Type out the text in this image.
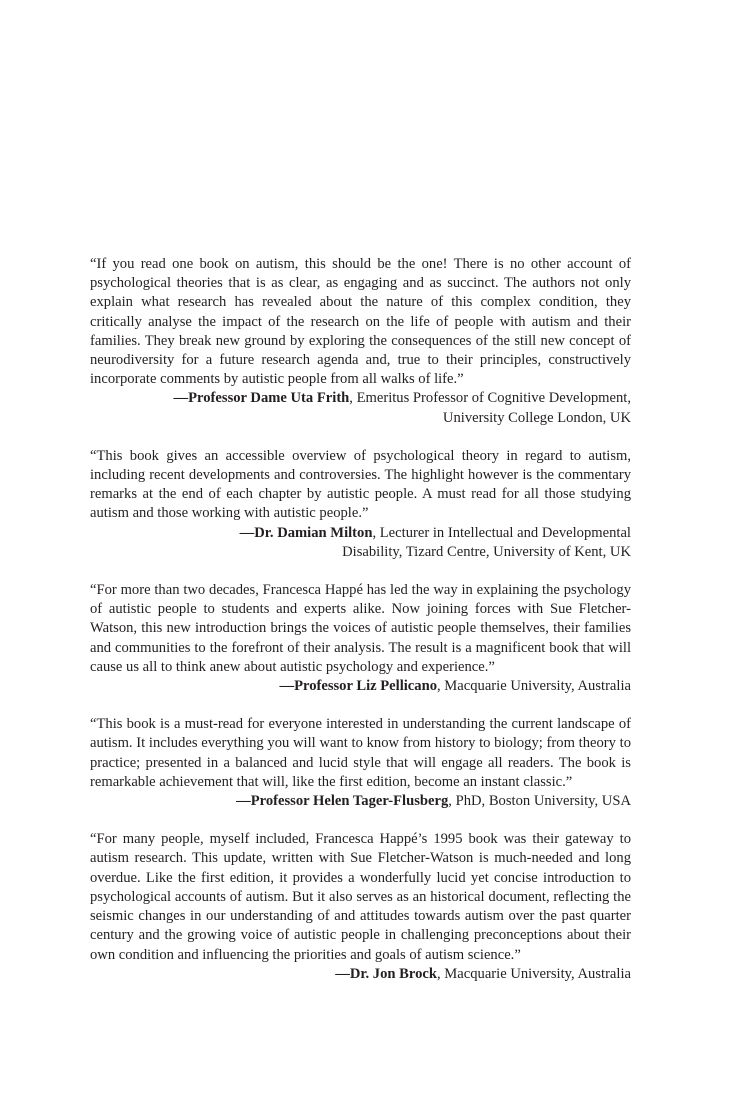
“If you read one book on autism, this should be the one! There is no other account of psychological theories that is as clear, as engaging and as succinct. The authors not only explain what research has revealed about the nature of this complex condition, they critically analyse the impact of the research on the life of people with autism and their families. They break new ground by exploring the consequences of the still new concept of neurodiversity for a future research agenda and, true to their principles, constructively incorporate comments by autistic people from all walks of life.”

—Professor Dame Uta Frith, Emeritus Professor of Cognitive Development,
University College London, UK

“This book gives an accessible overview of psychological theory in regard to autism, including recent developments and controversies. The highlight however is the commentary remarks at the end of each chapter by autistic people. A must read for all those studying autism and those working with autistic people.”

—Dr. Damian Milton, Lecturer in Intellectual and Developmental
Disability, Tizard Centre, University of Kent, UK

“For more than two decades, Francesca Happé has led the way in explaining the psychology of autistic people to students and experts alike. Now joining forces with Sue Fletcher-Watson, this new introduction brings the voices of autistic people themselves, their families and communities to the forefront of their analysis. The result is a magnificent book that will cause us all to think anew about autistic psychology and experience.”

—Professor Liz Pellicano, Macquarie University, Australia

“This book is a must-read for everyone interested in understanding the current landscape of autism. It includes everything you will want to know from history to biology; from theory to practice; presented in a balanced and lucid style that will engage all readers. The book is remarkable achievement that will, like the first edition, become an instant classic.”

—Professor Helen Tager-Flusberg, PhD, Boston University, USA

“For many people, myself included, Francesca Happé’s 1995 book was their gateway to autism research. This update, written with Sue Fletcher-Watson is much-needed and long overdue. Like the first edition, it provides a wonderfully lucid yet concise introduction to psychological accounts of autism. But it also serves as an historical document, reflecting the seismic changes in our understanding of and attitudes towards autism over the past quarter century and the growing voice of autistic people in challenging preconceptions about their own condition and influencing the priorities and goals of autism science.”

—Dr. Jon Brock, Macquarie University, Australia
